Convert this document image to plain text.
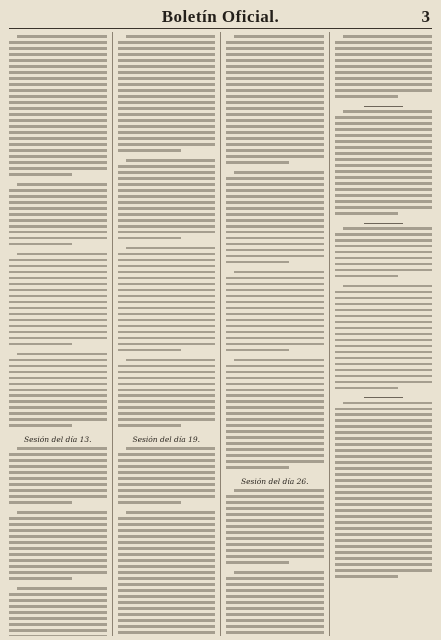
Boletín Oficial.	3
Sesión del día 13.	Sesión del día 19.
Sesión del día 26.
